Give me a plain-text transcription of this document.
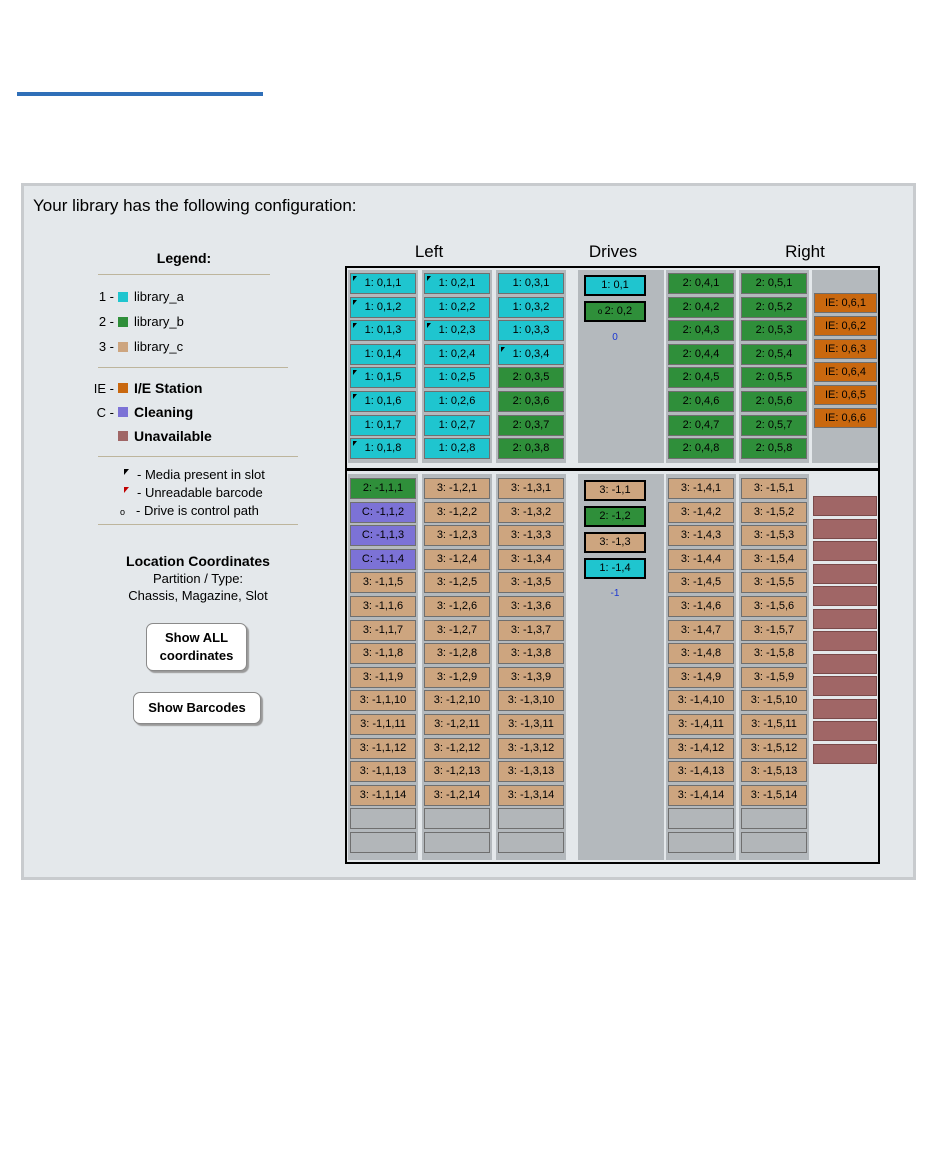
Your library has the following configuration:
Legend:
1 - library_a
2 - library_b
3 - library_c
IE - I/E Station
C - Cleaning
Unavailable
- Media present in slot
- Unreadable barcode
o - Drive is control path
Location Coordinates
Partition / Type:
Chassis, Magazine, Slot
Show ALL
coordinates
Show Barcodes
Left	Drives	Right
1: 0,1,1
1: 0,1,2
1: 0,1,3
1: 0,1,4
1: 0,1,5
1: 0,1,6
1: 0,1,7
1: 0,1,8
1: 0,2,1
1: 0,2,2
1: 0,2,3
1: 0,2,4
1: 0,2,5
1: 0,2,6
1: 0,2,7
1: 0,2,8
1: 0,3,1
1: 0,3,2
1: 0,3,3
1: 0,3,4
2: 0,3,5
2: 0,3,6
2: 0,3,7
2: 0,3,8
2: 0,4,1
2: 0,4,2
2: 0,4,3
2: 0,4,4
2: 0,4,5
2: 0,4,6
2: 0,4,7
2: 0,4,8
2: 0,5,1
2: 0,5,2
2: 0,5,3
2: 0,5,4
2: 0,5,5
2: 0,5,6
2: 0,5,7
2: 0,5,8
2: -1,1,1
C: -1,1,2
C: -1,1,3
C: -1,1,4
3: -1,1,5
3: -1,1,6
3: -1,1,7
3: -1,1,8
3: -1,1,9
3: -1,1,10
3: -1,1,11
3: -1,1,12
3: -1,1,13
3: -1,1,14
3: -1,2,1
3: -1,2,2
3: -1,2,3
3: -1,2,4
3: -1,2,5
3: -1,2,6
3: -1,2,7
3: -1,2,8
3: -1,2,9
3: -1,2,10
3: -1,2,11
3: -1,2,12
3: -1,2,13
3: -1,2,14
3: -1,3,1
3: -1,3,2
3: -1,3,3
3: -1,3,4
3: -1,3,5
3: -1,3,6
3: -1,3,7
3: -1,3,8
3: -1,3,9
3: -1,3,10
3: -1,3,11
3: -1,3,12
3: -1,3,13
3: -1,3,14
3: -1,4,1
3: -1,4,2
3: -1,4,3
3: -1,4,4
3: -1,4,5
3: -1,4,6
3: -1,4,7
3: -1,4,8
3: -1,4,9
3: -1,4,10
3: -1,4,11
3: -1,4,12
3: -1,4,13
3: -1,4,14
3: -1,5,1
3: -1,5,2
3: -1,5,3
3: -1,5,4
3: -1,5,5
3: -1,5,6
3: -1,5,7
3: -1,5,8
3: -1,5,9
3: -1,5,10
3: -1,5,11
3: -1,5,12
3: -1,5,13
3: -1,5,14
1: 0,1
o 2: 0,2
0
3: -1,1
2: -1,2
3: -1,3
1: -1,4
-1
IE: 0,6,1
IE: 0,6,2
IE: 0,6,3
IE: 0,6,4
IE: 0,6,5
IE: 0,6,6
